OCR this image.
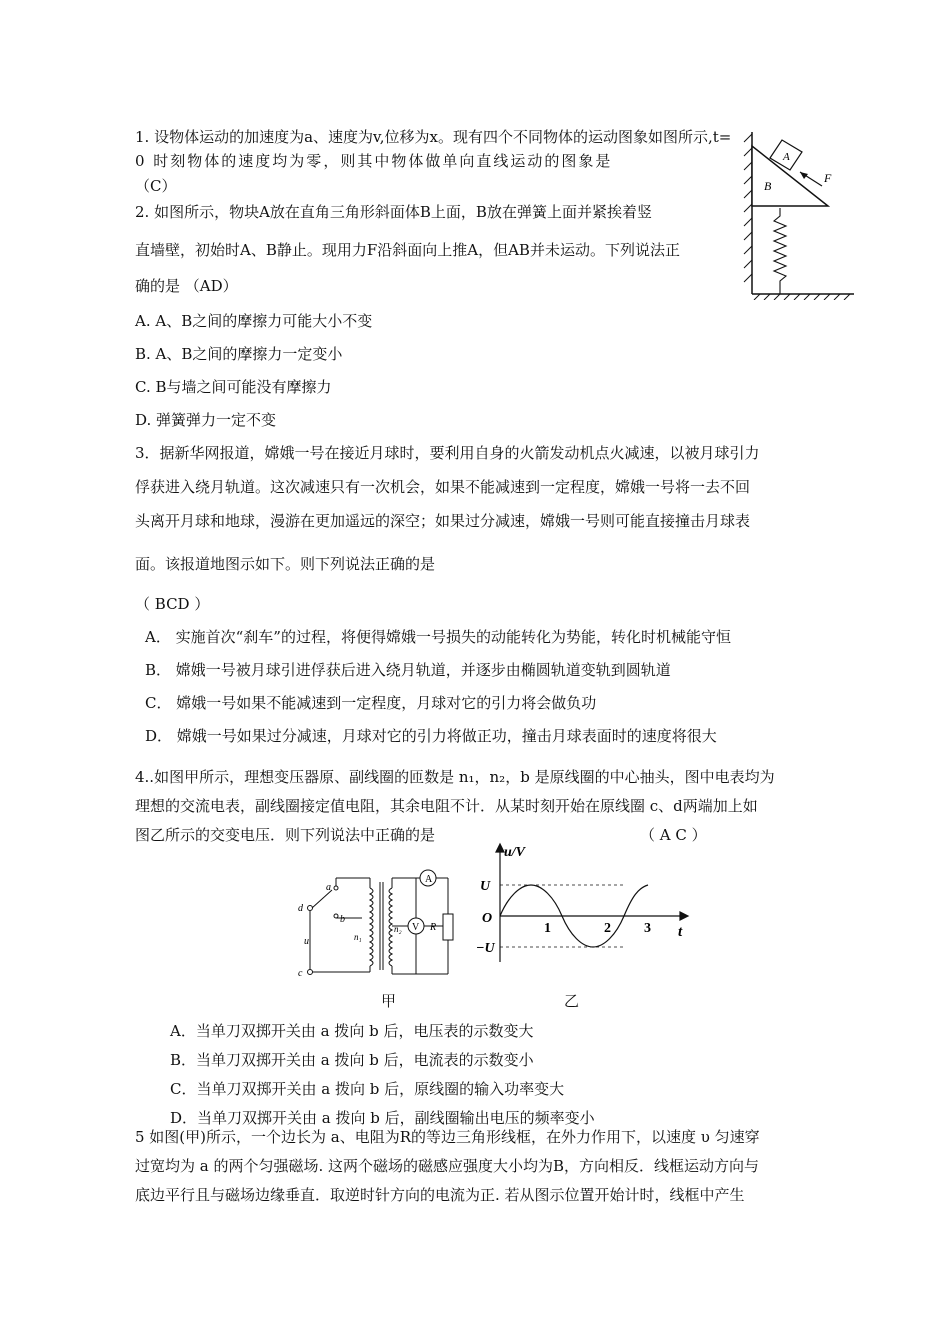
1. 设物体运动的加速度为a、速度为v,位移为x。现有四个不同物体的运动图象如图所示,t=
0 时刻物体的速度均为零，则其中物体做单向直线运动的图象是
（C）
2. 如图所示，物块A放在直角三角形斜面体B上面，B放在弹簧上面并紧挨着竖
直墙壁，初始时A、B静止。现用力F沿斜面向上推A，但AB并未运动。下列说法正
确的是 （AD）
A. A、B之间的摩擦力可能大小不变
B. A、B之间的摩擦力一定变小
C. B与墙之间可能没有摩擦力
D. 弹簧弹力一定不变
A
B
F
3．据新华网报道，嫦娥一号在接近月球时，要利用自身的火箭发动机点火减速，以被月球引力
俘获进入绕月轨道。这次减速只有一次机会，如果不能减速到一定程度，嫦娥一号将一去不回
头离开月球和地球，漫游在更加遥远的深空；如果过分减速，嫦娥一号则可能直接撞击月球表
面。该报道地图示如下。则下列说法正确的是
（ BCD ）
A． 实施首次“刹车”的过程，将便得嫦娥一号损失的动能转化为势能，转化时机械能守恒
B． 嫦娥一号被月球引进俘获后进入绕月轨道，并逐步由椭圆轨道变轨到圆轨道
C． 嫦娥一号如果不能减速到一定程度，月球对它的引力将会做负功
D． 嫦娥一号如果过分减速，月球对它的引力将做正功，撞击月球表面时的速度将很大
4..如图甲所示，理想变压器原、副线圈的匝数是 n₁，n₂，b 是原线圈的中心抽头，图中电表均为
理想的交流电表，副线圈接定值电阻，其余电阻不计．从某时刻开始在原线圈 c、d两端加上如
图乙所示的交变电压．则下列说法中正确的是	（ A C ）
A
V R
a
b
d
c
u	n₁
n₂
甲
u/V
U
−U
O
1	2 3 t
乙
A．当单刀双掷开关由 a 拨向 b 后，电压表的示数变大
B．当单刀双掷开关由 a 拨向 b 后，电流表的示数变小
C．当单刀双掷开关由 a 拨向 b 后，原线圈的输入功率变大
D．当单刀双掷开关由 a 拨向 b 后，副线圈输出电压的频率变小
5 如图(甲)所示，一个边长为 a、电阻为R的等边三角形线框，在外力作用下，以速度 υ 匀速穿
过宽均为 a 的两个匀强磁场. 这两个磁场的磁感应强度大小均为B，方向相反．线框运动方向与
底边平行且与磁场边缘垂直．取逆时针方向的电流为正. 若从图示位置开始计时，线框中产生
